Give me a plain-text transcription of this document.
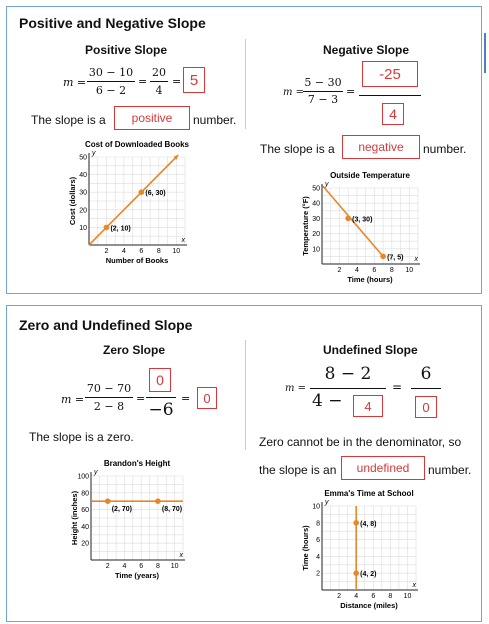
Positive and Negative Slope
Positive Slope
m =
30 − 10
6 − 2
=
20
4
= 5
The slope is a	positive	number.
Negative Slope
m =
5 − 30
7 − 3
=
-25
4
The slope is a	negative	number.
Cost of Downloaded Books
x
y
2 4 6 8 10
10
20
30
40
50
Number of Books
Cost (dollars)
(2, 10)
(6, 30)
Outside Temperature
x
y
2 4 6 8 10
10
20
30
40
50
Time (hours)
Temperature (°F)	(3, 30)
(7, 5)
Zero and Undefined Slope
Zero Slope
m =
70 − 70
2 − 8
=
0
−6
=	0
The slope is a zero.
Undefined Slope
m =
8 − 2
4 −	4
=
6
0
Zero cannot be in the denominator, so
the slope is an	undefined	number.
Brandon's Height
x
y
2 4 6 8 10
20
40
60
80
100
Time (years)
Height (inches)	(2, 70)	(8, 70)
Emma's Time at School
x
y
2 4 6 8 10
2
4
6
8
10
Distance (miles)
Time (hours)
(4, 8)
(4, 2)
